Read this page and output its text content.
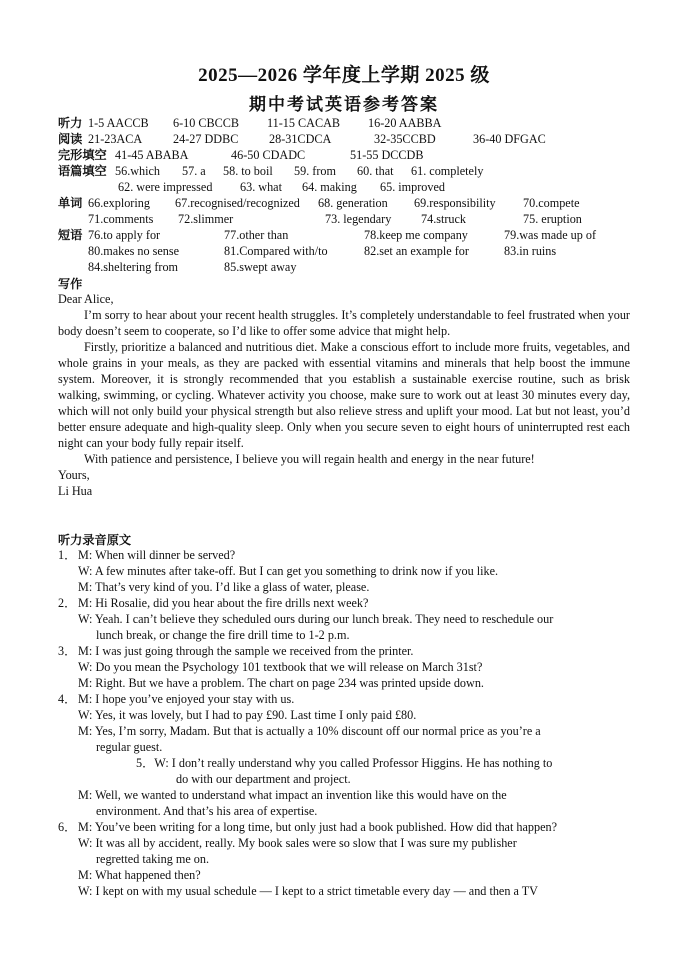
2025—2026 学年度上学期 2025 级
期中考试英语参考答案
听力 1-5 AACCB 6-10 CBCCB 11-15 CACAB 16-20 AABBA
阅读 21-23ACA	24-27 DDBC	28-31CDCA	32-35CCBD	36-40 DFGAC
完形填空 41-45 ABABA	46-50 CDADC	51-55 DCCDB
语篇填空 56.which 57. a 58. to boil 59. from 60. that 61. completely
62. were impressed 63. what 64. making 65. improved
单词 66.exploring 67.recognised/recognized 68. generation 69.responsibility 70.compete
71.comments 72.slimmer	73. legendary 74.struck	75. eruption
短语 76.to apply for	77.other than	78.keep me company	79.was made up of
80.makes no sense	81.Compared with/to	82.set an example for	83.in ruins
84.sheltering from	85.swept away
写作

Dear Alice,

I’m sorry to hear about your recent health struggles. It’s completely understandable to feel frustrated when your body doesn’t seem to cooperate, so I’d like to offer some advice that might help.

Firstly, prioritize a balanced and nutritious diet. Make a conscious effort to include more fruits, vegetables, and whole grains in your meals, as they are packed with essential vitamins and minerals that help boost the immune system. Moreover, it is strongly recommended that you establish a sustainable exercise routine, such as brisk walking, swimming, or cycling. Whatever activity you choose, make sure to work out at least 30 minutes every day, which will not only build your physical strength but also relieve stress and uplift your mood. Lat but not least, you’d better ensure adequate and high-quality sleep. Only when you secure seven to eight hours of uninterrupted rest each night can your body fully repair itself.

With patience and persistence, I believe you will regain health and energy in the near future!

Yours,

Li Hua

听力录音原文
1． M: When will dinner be served?
W: A few minutes after take-off. But I can get you something to drink now if you like.
M: That’s very kind of you. I’d like a glass of water, please.
2． M: Hi Rosalie, did you hear about the fire drills next week?
W: Yeah. I can’t believe they scheduled ours during our lunch break. They need to reschedule our
lunch break, or change the fire drill time to 1-2 p.m.
3． M: I was just going through the sample we received from the printer.
W: Do you mean the Psychology 101 textbook that we will release on March 31st?
M: Right. But we have a problem. The chart on page 234 was printed upside down.
4． M: I hope you’ve enjoyed your stay with us.
W: Yes, it was lovely, but I had to pay £90. Last time I only paid £80.
M: Yes, I’m sorry, Madam. But that is actually a 10% discount off our normal price as you’re a
regular guest.
5．W: I don’t really understand why you called Professor Higgins. He has nothing to
do with our department and project.
M: Well, we wanted to understand what impact an invention like this would have on the
environment. And that’s his area of expertise.
6． M: You’ve been writing for a long time, but only just had a book published. How did that happen?
W: It was all by accident, really. My book sales were so slow that I was sure my publisher
regretted taking me on.
M: What happened then?
W: I kept on with my usual schedule — I kept to a strict timetable every day — and then a TV
